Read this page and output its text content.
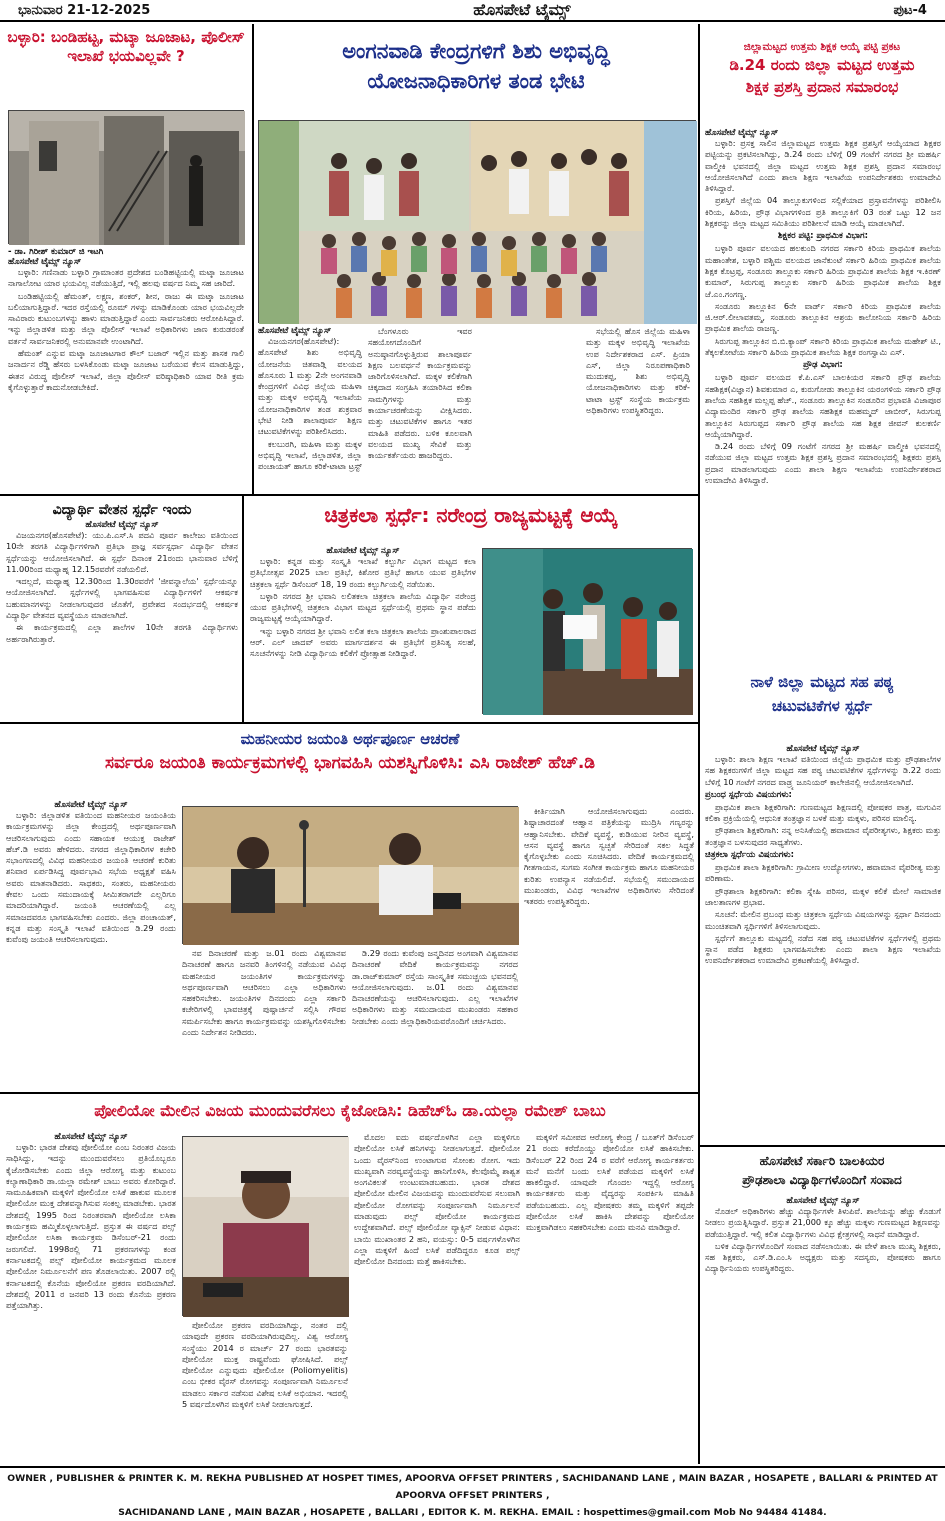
ಭಾನುವಾರ 21-12-2025	ಹೊಸಪೇಟೆ ಟೈಮ್ಸ್	ಪುಟ-4
ಬಳ್ಳಾರಿ: ಬಂಡಿಹಟ್ಟ, ಮಟ್ಕಾ ಜೂಜಾಟ, ಪೊಲೀಸ್ ಇಲಾಖೆ ಭಯವಿಲ್ಲವೇ ?
- ಡಾ. ಗಿರೀಶ್ ಕುಮಾರ್ ಜಿ ಇಟಗಿ
ಹೊಸಪೇಟೆ ಟೈಮ್ಸ್ ನ್ಯೂಸ್

ಬಳ್ಳಾರಿ: ಗಣಿನಾಡು ಬಳ್ಳಾರಿ ಗ್ರಾಮಾಂತರ ಪ್ರದೇಶದ ಬಂಡಿಹಟ್ಟಿಯಲ್ಲಿ ಮಟ್ಕಾ ಜೂಜಾಟ ನಾಗಾಲೋಟ ಯಾರ ಭಯವಿಲ್ಲ ನಡೆಯುತ್ತಿದೆ, ಇಲ್ಲಿ ಹಲವು ವರ್ಷದ ನಿಮ್ಮ ಸಹ ಜಾರಿದೆ.

ಬಂಡಿಹಟ್ಟಿಯಲ್ಲಿ ಹೆಮಂತ್, ಲಕ್ಷ್ಮಣ, ಶಂಕರ್, ಶೀನ, ರಾಜು ಈ ಮಟ್ಕಾ ಜೂಜಾಟ ಬಲಿಯಾಗುತ್ತಿದ್ದಾರೆ. ಇದರ ರಸ್ತೆಯಲ್ಲಿ ರೂಮ್ ಗಳನ್ನು ಮಾಡಿಕೊಂಡು ಯಾರ ಭಯವಿಲ್ಲದೇ ಸಾವಿರಾರು ಕುಟುಂಬಗಳನ್ನು ಹಾಳು ಮಾಡುತ್ತಿದ್ದಾರೆ ಎಂದು ಸಾರ್ವಜನಿಕರು ಆರೋಪಿಸಿದ್ದಾರೆ. ಇನ್ನು ಜಿಲ್ಲಾಡಳಿತ ಮತ್ತು ಜಿಲ್ಲಾ ಪೊಲೀಸ್ ಇಲಾಖೆ ಅಧಿಕಾರಿಗಳು ಜಾಣ ಕುರುಡರಂತೆ ವರ್ತನೆ ಸಾರ್ವಜನಿಕರಲ್ಲಿ ಅನುಮಾನವೇ ಉಂಟಾಗಿದೆ.

ಹೆಮಂತ್ ಎನ್ನುವ ಮಟ್ಕಾ ಜೂಜಾಟಗಾರ ಕೌಲ್ ಬಜಾರ್ ಇಲ್ಲಿನ ಮತ್ತು ಶಾಸಕ ಗಾಲಿ ಜನಾರ್ದನ ರೆಡ್ಡಿ ಹೆಸರು ಬಳಸಿಕೊಂಡು ಮಟ್ಕಾ ಜೂಜಾಟ ಬರೆಯುವ ಕೆಲಸ ಮಾಡುತ್ತಿದ್ದು, ಈತನ ವಿರುದ್ಧ ಪೊಲೀಸ್ ಇಲಾಖೆ, ಜಿಲ್ಲಾ ಪೊಲೀಸ್ ವರಿಷ್ಠಾಧಿಕಾರಿ ಯಾವ ರೀತಿ ಕ್ರಮ ಕೈಗೊಳ್ಳುತ್ತಾರೆ ಕಾದುನೋಡಬೇಕಿದೆ.

ಅಂಗನವಾಡಿ ಕೇಂದ್ರಗಳಿಗೆ ಶಿಶು ಅಭಿವೃದ್ಧಿ
ಯೋಜನಾಧಿಕಾರಿಗಳ ತಂಡ ಭೇಟಿ
ಹೊಸಪೇಟೆ ಟೈಮ್ಸ್ ನ್ಯೂಸ್

ವಿಜಯನಗರ(ಹೊಸಪೇಟೆ): ಹೊಸಪೇಟೆ ಶಿಶು ಅಭಿವೃದ್ಧಿ ಯೋಜನೆಯ ಚಿತವಾಡ್ಗಿ ವಲಯದ ಹೊಸೂರು 1 ಮತ್ತು 2ನೇ ಅಂಗನವಾಡಿ ಕೇಂದ್ರಗಳಿಗೆ ವಿವಿಧ ಜಿಲ್ಲೆಯ ಮಹಿಳಾ ಮತ್ತು ಮಕ್ಕಳ ಅಭಿವೃದ್ಧಿ ಇಲಾಖೆಯ ಯೋಜನಾಧಿಕಾರಿಗಳ ತಂಡ ಶುಕ್ರವಾರ ಭೇಟಿ ನೀಡಿ ಶಾಲಾಪೂರ್ವ ಶಿಕ್ಷಣ ಚಟುವಟಿಕೆಗಳನ್ನು ಪರಿಶೀಲಿಸಿದರು.

ಕಲಬುರಗಿ, ಮಹಿಳಾ ಮತ್ತು ಮಕ್ಕಳ ಅಭಿವೃದ್ಧಿ ಇಲಾಖೆ, ಜಿಲ್ಲಾಡಳಿತ, ಜಿಲ್ಲಾ ಪಂಚಾಯತ್ ಹಾಗೂ ಕರಿಕೆ-ಟಾಟಾ ಟ್ರಸ್ಟ್

ಬೆಂಗಳೂರು ಇವರ ಸಹಯೋಗದೊಂದಿಗೆ ಅನುಷ್ಠಾನಗೊಳ್ಳುತ್ತಿರುವ ಶಾಲಾಪೂರ್ವ ಶಿಕ್ಷಣ ಬಲವರ್ಧನೆ ಕಾರ್ಯಕ್ರಮವನ್ನು ಜಾರಿಗೊಳಿಸಲಾಗಿದೆ. ಮಕ್ಕಳ ಕಲಿಕೆಗಾಗಿ ಚಿಕ್ಕದಾದ ಸಂಗ್ರಹಿಸಿ ತಯಾರಿಸಿದ ಕಲಿಕಾ ಸಾಮಗ್ರಿಗಳನ್ನು ಮತ್ತು ಕಾರ್ಯಾಚರಣೆಯನ್ನು ವೀಕ್ಷಿಸಿದರು. ಮತ್ತು ಚಟುವಟಿಕೆಗಳ ಹಾಗೂ ಇತರ ಮಾಹಿತಿ ಪಡೆದರು. ಬಳಿಕ ಕೂಲವಾಗಿ ವಲಯದ ಮುಖ್ಯ ಸೇವಿಕೆ ಮತ್ತು ಕಾರ್ಯಕರ್ತೆಯರು ಹಾಜರಿದ್ದರು.

ಸಭೆಯಲ್ಲಿ ಹೊಸ ಜಿಲ್ಲೆಯ ಮಹಿಳಾ ಮತ್ತು ಮಕ್ಕಳ ಅಭಿವೃದ್ಧಿ ಇಲಾಖೆಯ ಉಪ ನಿರ್ದೇಶಕರಾದ ಎಸ್. ಪ್ರಿಯಾ ಎಸ್, ಜಿಲ್ಲಾ ನಿರೂಪಣಾಧಿಕಾರಿ ಮುದುಕಪ್ಪ, ಶಿಶು ಅಭಿವೃದ್ಧಿ ಯೋಜನಾಧಿಕಾರಿಗಳು ಮತ್ತು ಕರಿಕೆ-ಟಾಟಾ ಟ್ರಸ್ಟ್ ಸಂಸ್ಥೆಯ ಕಾರ್ಯಕ್ರಮ ಅಧಿಕಾರಿಗಳು ಉಪಸ್ಥಿತರಿದ್ದರು.

ಜಿಲ್ಲಾಮಟ್ಟದ ಉತ್ತಮ ಶಿಕ್ಷಕ ಆಯ್ಕೆ ಪಟ್ಟಿ ಪ್ರಕಟ
ಡಿ.24 ರಂದು ಜಿಲ್ಲಾ ಮಟ್ಟದ ಉತ್ತಮ
ಶಿಕ್ಷಕ ಪ್ರಶಸ್ತಿ ಪ್ರದಾನ ಸಮಾರಂಭ
ಹೊಸಪೇಟೆ ಟೈಮ್ಸ್ ನ್ಯೂಸ್

ಬಳ್ಳಾರಿ: ಪ್ರಸಕ್ತ ಸಾಲಿನ ಜಿಲ್ಲಾಮಟ್ಟದ ಉತ್ತಮ ಶಿಕ್ಷಕ ಪ್ರಶಸ್ತಿಗೆ ಆಯ್ಕೆಯಾದ ಶಿಕ್ಷಕರ ಪಟ್ಟಿಯನ್ನು ಪ್ರಕಟಿಸಲಾಗಿದ್ದು, ಡಿ.24 ರಂದು ಬೆಳಿಗ್ಗೆ 09 ಗಂಟೆಗೆ ನಗರದ ಶ್ರೀ ಮಹರ್ಷಿ ವಾಲ್ಮೀಕಿ ಭವನದಲ್ಲಿ ಜಿಲ್ಲಾ ಮಟ್ಟದ ಉತ್ತಮ ಶಿಕ್ಷಕ ಪ್ರಶಸ್ತಿ ಪ್ರದಾನ ಸಮಾರಂಭ ಆಯೋಜಿಸಲಾಗಿದೆ ಎಂದು ಶಾಲಾ ಶಿಕ್ಷಣ ಇಲಾಖೆಯ ಉಪನಿರ್ದೇಶಕರು ಉಮಾದೇವಿ ತಿಳಿಸಿದ್ದಾರೆ.

ಪ್ರಶಸ್ತಿಗೆ ಜಿಲ್ಲೆಯ 04 ತಾಲ್ಲೂಕುಗಳಿಂದ ಸಲ್ಲಿಕೆಯಾದ ಪ್ರಸ್ತಾವನೆಗಳನ್ನು ಪರಿಶೀಲಿಸಿ ಕಿರಿಯ, ಹಿರಿಯ, ಪ್ರೌಢ ವಿಭಾಗಗಳಿಂದ ಪ್ರತಿ ತಾಲ್ಲೂಕಿಗೆ 03 ರಂತೆ ಒಟ್ಟು 12 ಜನ ಶಿಕ್ಷಕರನ್ನು ಜಿಲ್ಲಾ ಮಟ್ಟದ ಸಮಿತಿಯು ಪರಿಶೀಲನೆ ಮಾಡಿ ಆಯ್ಕೆ ಮಾಡಲಾಗಿದೆ.

ಶಿಕ್ಷಕರ ಪಟ್ಟಿ: ಪ್ರಾಥಮಿಕ ವಿಭಾಗ:

ಬಳ್ಳಾರಿ ಪೂರ್ವ ವಲಯದ ಹಲಕುಂದಿ ನಗರದ ಸರ್ಕಾರಿ ಕಿರಿಯ ಪ್ರಾಥಮಿಕ ಶಾಲೆಯ ಮಹಾಂತೇಶ, ಬಳ್ಳಾರಿ ಪಶ್ಚಿಮ ವಲಯದ ಜಾನೆಕುಂಟೆ ಸರ್ಕಾರಿ ಹಿರಿಯ ಪ್ರಾಥಮಿಕ ಶಾಲೆಯ ಶಿಕ್ಷಕ ಕೊಟ್ರಪ್ಪ, ಸಂಡೂರು ತಾಲ್ಲೂಕು ಸರ್ಕಾರಿ ಹಿರಿಯ ಪ್ರಾಥಮಿಕ ಶಾಲೆಯ ಶಿಕ್ಷಕ ಇ.ಕಿರಣ್ ಕುಮಾರ್, ಸಿರುಗುಪ್ಪ ತಾಲ್ಲೂಕು ಸರ್ಕಾರಿ ಹಿರಿಯ ಪ್ರಾಥಮಿಕ ಶಾಲೆಯ ಶಿಕ್ಷಕ ಜೆ.ಎಂ.ಗಂಗಣ್ಣ.

ಸಂಡೂರು ತಾಲ್ಲೂಕಿನ 6ನೇ ವಾರ್ಡ್ ಸರ್ಕಾರಿ ಕಿರಿಯ ಪ್ರಾಥಮಿಕ ಶಾಲೆಯ ಜಿ.ಆರ್.ಲೀಲಾವತಮ್ಮ, ಸಂಡೂರು ತಾಲ್ಲೂಕಿನ ಆಶ್ರಯ ಕಾಲೋನಿಯ ಸರ್ಕಾರಿ ಹಿರಿಯ ಪ್ರಾಥಮಿಕ ಶಾಲೆಯ ರಾಜಣ್ಣ.

ಸಿರುಗುಪ್ಪ ತಾಲ್ಲೂಕಿನ ಬಿ.ಬಿ.ಕ್ಯಾಂಪ್ ಸರ್ಕಾರಿ ಕಿರಿಯ ಪ್ರಾಥಮಿಕ ಶಾಲೆಯ ಮಹೇಶ್ ಟಿ., ತೆಕ್ಕಲಕೋಟೆಯ ಸರ್ಕಾರಿ ಹಿರಿಯ ಪ್ರಾಥಮಿಕ ಶಾಲೆಯ ಶಿಕ್ಷಕ ರಂಗಸ್ವಾಮಿ ಎಸ್.

ಪ್ರೌಢ ವಿಭಾಗ:

ಬಳ್ಳಾರಿ ಪೂರ್ವ ವಲಯದ ಕೆ.ಪಿ.ಎಸ್ ಬಾಲಕಿಯರ ಸರ್ಕಾರಿ ಪ್ರೌಢ ಶಾಲೆಯ ಸಹಶಿಕ್ಷಕ(ವಿಜ್ಞಾನ) ಶಿವಕುಮಾರ ಎ, ಕುರುಗೋಡು ತಾಲ್ಲೂಕಿನ ಯರಂಗಳಿಯ ಸರ್ಕಾರಿ ಪ್ರೌಢ ಶಾಲೆಯ ಸಹಶಿಕ್ಷಕ ಮಲ್ಲಪ್ಪ ಹೆಚ್., ಸಂಡೂರು ತಾಲ್ಲೂಕಿನ ಸಂಡೂರಿನ ಪ್ರಭಾವತಿ ವಿಜಾಪೂರ ವಿದ್ಯಾಮಂದಿರ ಸರ್ಕಾರಿ ಪ್ರೌಢ ಶಾಲೆಯ ಸಹಶಿಕ್ಷಕ ಮಹಮ್ಮದ್ ಜಾಬೀರ್, ಸಿರುಗುಪ್ಪ ತಾಲ್ಲೂಕಿನ ಸಿರುಗುಪ್ಪದ ಸರ್ಕಾರಿ ಪ್ರೌಢ ಶಾಲೆಯ ಸಹ ಶಿಕ್ಷಕ ಜೀವನ್ ಕುಲಕರ್ಣಿ ಆಯ್ಕೆಯಾಗಿದ್ದಾರೆ.

ಡಿ.24 ರಂದು ಬೆಳಿಗ್ಗೆ 09 ಗಂಟೆಗೆ ನಗರದ ಶ್ರೀ ಮಹರ್ಷಿ ವಾಲ್ಮೀಕಿ ಭವನದಲ್ಲಿ ನಡೆಯುವ ಜಿಲ್ಲಾ ಮಟ್ಟದ ಉತ್ತಮ ಶಿಕ್ಷಕ ಪ್ರಶಸ್ತಿ ಪ್ರದಾನ ಸಮಾರಂಭದಲ್ಲಿ ಶಿಕ್ಷಕರು ಪ್ರಶಸ್ತಿ ಪ್ರದಾನ ಮಾಡಲಾಗುವುದು ಎಂದು ಶಾಲಾ ಶಿಕ್ಷಣ ಇಲಾಖೆಯ ಉಪನಿರ್ದೇಶಕರಾದ ಉಮಾದೇವಿ ತಿಳಿಸಿದ್ದಾರೆ.

ವಿದ್ಯಾರ್ಥಿ ವೇತನ ಸ್ಪರ್ಧೆ ಇಂದು
ಹೊಸಪೇಟೆ ಟೈಮ್ಸ್ ನ್ಯೂಸ್

ವಿಜಯನಗರ(ಹೊಸಪೇಟೆ): ಯು.ಪಿ.ಎಸ್.ಸಿ ಪದವಿ ಪೂರ್ವ ಕಾಲೇಜು ವತಿಯಿಂದ 10ನೇ ತರಗತಿ ವಿದ್ಯಾರ್ಥಿಗಳಿಗಾಗಿ ಪ್ರತಿಭಾ ಪ್ರಾಜ್ಞ ಸರ್ವಸ್ಪರ್ಧಾ ವಿದ್ಯಾರ್ಥಿ ವೇತನ ಸ್ಪರ್ಧೆಯನ್ನು ಆಯೋಜಿಸಲಾಗಿದೆ. ಈ ಸ್ಪರ್ಧೆ ದಿನಾಂಕ 21ರಂದು ಭಾನುವಾರ ಬೆಳಿಗ್ಗೆ 11.00ರಿಂದ ಮಧ್ಯಾಹ್ನ 12.15ರವರೆಗೆ ನಡೆಯಲಿದೆ.

ಇದಲ್ಲದೆ, ಮಧ್ಯಾಹ್ನ 12.30ರಿಂದ 1.30ರವರೆಗೆ 'ಜೀವನ್ನಾಲೆಯ' ಸ್ಪರ್ಧೆಯನ್ನೂ ಆಯೋಜಿಸಲಾಗಿದೆ. ಸ್ಪರ್ಧೆಗಳಲ್ಲಿ ಭಾಗವಹಿಸುವ ವಿದ್ಯಾರ್ಥಿಗಳಿಗೆ ಆಕರ್ಷಕ ಬಹುಮಾನಗಳನ್ನು ನೀಡಲಾಗುವುದರ ಜೊತೆಗೆ, ಪ್ರವೇಶದ ಸಂದರ್ಭದಲ್ಲಿ ಆಕರ್ಷಕ ವಿದ್ಯಾರ್ಥಿ ವೇತನದ ವ್ಯವಸ್ಥೆಯೂ ಮಾಡಲಾಗಿದೆ.

ಈ ಕಾರ್ಯಕ್ರಮದಲ್ಲಿ ಎಲ್ಲಾ ಶಾಲೆಗಳ 10ನೇ ತರಗತಿ ವಿದ್ಯಾರ್ಥಿಗಳು ಅರ್ಹರಾಗಿರುತ್ತಾರೆ.

ಚಿತ್ರಕಲಾ ಸ್ಪರ್ಧೆ: ನರೇಂದ್ರ ರಾಜ್ಯಮಟ್ಟಕ್ಕೆ ಆಯ್ಕೆ
ಹೊಸಪೇಟೆ ಟೈಮ್ಸ್ ನ್ಯೂಸ್

ಬಳ್ಳಾರಿ: ಕನ್ನಡ ಮತ್ತು ಸಂಸ್ಕೃತಿ ಇಲಾಖೆ ಕಲ್ಬುರ್ಗಿ ವಿಭಾಗ ಮಟ್ಟದ ಕಲಾ ಪ್ರತಿಭೋತ್ಸವ 2025 ಬಾಲ ಪ್ರತಿಭೆ, ಕಿಶೋರ ಪ್ರತಿಭೆ ಹಾಗೂ ಯುವ ಪ್ರತಿಭೆಗಳ ಚಿತ್ರಕಲಾ ಸ್ಪರ್ಧೆ ಡಿಸೆಂಬರ್ 18, 19 ರಂದು ಕಲ್ಬುರ್ಗಿಯಲ್ಲಿ ನಡೆಯಿತು.

ಬಳ್ಳಾರಿ ನಗರದ ಶ್ರೀ ಭವಾನಿ ಲಲಿತಕಲಾ ಚಿತ್ರಕಲಾ ಶಾಲೆಯ ವಿದ್ಯಾರ್ಥಿ ನರೇಂದ್ರ ಯುವ ಪ್ರತಿಭೆಗಳಲ್ಲಿ ಚಿತ್ರಕಲಾ ವಿಭಾಗ ಮಟ್ಟದ ಸ್ಪರ್ಧೆಯಲ್ಲಿ ಪ್ರಥಮ ಸ್ಥಾನ ಪಡೆದು ರಾಜ್ಯಮಟ್ಟಕ್ಕೆ ಆಯ್ಕೆಯಾಗಿದ್ದಾರೆ.

ಇನ್ನು ಬಳ್ಳಾರಿ ನಗರದ ಶ್ರೀ ಭವಾನಿ ಲಲಿತ ಕಲಾ ಚಿತ್ರಕಲಾ ಶಾಲೆಯ ಪ್ರಾಂಶುಪಾಲರಾದ ಆರ್. ಎಲ್ ಜಾದವ್ ಅವರು ಮಾರ್ಗದರ್ಶನ ಈ ಪ್ರತಿಭೆಗೆ ಪ್ರತಿನಿತ್ಯ ಸಲಹೆ, ಸೂಚನೆಗಳನ್ನು ನೀಡಿ ವಿದ್ಯಾರ್ಥಿಯ ಕಲಿಕೆಗೆ ಪ್ರೋತ್ಸಾಹ ನೀಡಿದ್ದಾರೆ.

ನಾಳೆ ಜಿಲ್ಲಾ ಮಟ್ಟದ ಸಹ ಪಠ್ಯ
ಚಟುವಟಿಕೆಗಳ ಸ್ಪರ್ಧೆ
ಹೊಸಪೇಟೆ ಟೈಮ್ಸ್ ನ್ಯೂಸ್

ಬಳ್ಳಾರಿ: ಶಾಲಾ ಶಿಕ್ಷಣ ಇಲಾಖೆ ವತಿಯಿಂದ ಜಿಲ್ಲೆಯ ಪ್ರಾಥಮಿಕ ಮತ್ತು ಪ್ರೌಢಶಾಲೆಗಳ ಸಹ ಶಿಕ್ಷಕರುಗಳಿಗೆ ಜಿಲ್ಲಾ ಮಟ್ಟದ ಸಹ ಪಠ್ಯ ಚಟುವಟಿಕೆಗಳ ಸ್ಪರ್ಧೆಗಳನ್ನು ಡಿ.22 ರಂದು ಬೆಳಿಗ್ಗೆ 10 ಗಂಟೆಗೆ ನಗರದ ವಾಡ್ರ್ಯ ಜೂನಿಯರ್ ಕಾಲೇಜಿನಲ್ಲಿ ಆಯೋಜಿಸಲಾಗಿದೆ.

ಪ್ರಬಂಧ ಸ್ಪರ್ಧೆಯ ವಿಷಯಗಳು:

ಪ್ರಾಥಮಿಕ ಶಾಲಾ ಶಿಕ್ಷಕರಿಗಾಗಿ: ಗುಣಮಟ್ಟದ ಶಿಕ್ಷಣದಲ್ಲಿ ಪೋಷಕರ ಪಾತ್ರ, ಮಗುವಿನ ಕಲಿಕಾ ಪ್ರಕ್ರಿಯೆಯಲ್ಲಿ ಆಧುನಿಕ ತಂತ್ರಜ್ಞಾನ ಬಳಕೆ ಮತ್ತು ಮಕ್ಕಳು, ಪರಿಸರ ಮಾಲಿನ್ಯ.

ಪ್ರೌಢಶಾಲಾ ಶಿಕ್ಷಕರಿಗಾಗಿ: ನನ್ನ ಅನಿಸಿಕೆಯಲ್ಲಿ ಹವಾಮಾನ ವೈಪರೀತ್ಯಗಳು, ಶಿಕ್ಷಕರು ಮತ್ತು ತಂತ್ರಜ್ಞಾನ ಬಳಸುವುದರ ಸಾಧ್ಯತೆಗಳು.

ಚಿತ್ರಕಲಾ ಸ್ಪರ್ಧೆಯ ವಿಷಯಗಳು:

ಪ್ರಾಥಮಿಕ ಶಾಲಾ ಶಿಕ್ಷಕರಿಗಾಗಿ: ಗ್ರಾಮೀಣ ಉದ್ಯೋಗಗಳು, ಹವಾಮಾನ ವೈಪರೀತ್ಯ ಮತ್ತು ಪರಿಣಾಮ.

ಪ್ರೌಢಶಾಲಾ ಶಿಕ್ಷಕರಿಗಾಗಿ: ಕಲಿಕಾ ಸ್ನೇಹಿ ಪರಿಸರ, ಮಕ್ಕಳ ಕಲಿಕೆ ಮೇಲೆ ಸಾಮಾಜಿಕ ಜಾಲತಾಣಗಳ ಪ್ರಭಾವ.

ಸೂಚನೆ: ಮೇಲಿನ ಪ್ರಬಂಧ ಮತ್ತು ಚಿತ್ರಕಲಾ ಸ್ಪರ್ಧೆಯ ವಿಷಯಗಳನ್ನು ಸ್ಪರ್ಧಾ ದಿನದಂದು ಮುಂಚಿತವಾಗಿ ಸ್ಪರ್ಧಿಗಳಿಗೆ ತಿಳಿಸಲಾಗುವುದು.

ಸ್ಪರ್ಧೆಗೆ ತಾಲ್ಲೂಕು ಮಟ್ಟದಲ್ಲಿ ನಡೆದ ಸಹ ಪಠ್ಯ ಚಟುವಟಿಕೆಗಳ ಸ್ಪರ್ಧೆಗಳಲ್ಲಿ ಪ್ರಥಮ ಸ್ಥಾನ ಪಡೆದ ಶಿಕ್ಷಕರು ಭಾಗವಹಿಸಬೇಕು ಎಂದು ಶಾಲಾ ಶಿಕ್ಷಣ ಇಲಾಖೆಯ ಉಪನಿರ್ದೇಶಕರಾದ ಉಮಾದೇವಿ ಪ್ರಕಟಣೆಯಲ್ಲಿ ತಿಳಿಸಿದ್ದಾರೆ.

ಮಹನೀಯರ ಜಯಂತಿ ಅರ್ಥಪೂರ್ಣ ಆಚರಣೆ
ಸರ್ವರೂ ಜಯಂತಿ ಕಾರ್ಯಕ್ರಮಗಳಲ್ಲಿ ಭಾಗವಹಿಸಿ ಯಶಸ್ವಿಗೊಳಿಸಿ: ಎಸಿ ರಾಜೇಶ್ ಹೆಚ್.ಡಿ
ಹೊಸಪೇಟೆ ಟೈಮ್ಸ್ ನ್ಯೂಸ್

ಬಳ್ಳಾರಿ: ಜಿಲ್ಲಾಡಳಿತ ವತಿಯಿಂದ ಮಹನೀಯರ ಜಯಂತಿಯ ಕಾರ್ಯಕ್ರಮಗಳನ್ನು ಜಿಲ್ಲಾ ಕೇಂದ್ರದಲ್ಲಿ ಅರ್ಥಪೂರ್ಣವಾಗಿ ಆಚರಿಸಲಾಗುವುದು ಎಂದು ಸಹಾಯಕ ಆಯುಕ್ತ ರಾಜೇಶ್ ಹೆಚ್.ಡಿ ಅವರು ಹೇಳಿದರು. ನಗರದ ಜಿಲ್ಲಾಧಿಕಾರಿಗಳ ಕಚೇರಿ ಸಭಾಂಗಣದಲ್ಲಿ ವಿವಿಧ ಮಹನೀಯರ ಜಯಂತಿ ಆಚರಣೆ ಕುರಿತು ಶನಿವಾರ ಏರ್ಪಡಿಸಿದ್ದ ಪೂರ್ವಭಾವಿ ಸಭೆಯ ಅಧ್ಯಕ್ಷತೆ ವಹಿಸಿ ಅವರು ಮಾತನಾಡಿದರು. ಸಾಧಕರು, ಸಂತರು, ಮಹನೀಯರು ಕೇವಲ ಒಂದು ಸಮುದಾಯಕ್ಕೆ ಸೀಮಿತರಾಗದೇ ಎಲ್ಲರಿಗೂ ಮಾದರಿಯಾಗಿದ್ದಾರೆ. ಜಯಂತಿ ಆಚರಣೆಯಲ್ಲಿ ಎಲ್ಲ ಸಮಾಜದವರೂ ಭಾಗವಹಿಸಬೇಕು ಎಂದರು. ಜಿಲ್ಲಾ ಪಂಚಾಯತ್, ಕನ್ನಡ ಮತ್ತು ಸಂಸ್ಕೃತಿ ಇಲಾಖೆ ವತಿಯಿಂದ ಡಿ.29 ರಂದು ಕುವೆಂಪು ಜಯಂತಿ ಆಚರಿಸಲಾಗುವುದು.

ನವ ದಿನಾಚರಣೆ ಮತ್ತು ಜ.01 ರಂದು ವಿಶ್ವಮಾನವ ದಿನಾಚರಣೆ ಹಾಗೂ ಜನವರಿ ತಿಂಗಳಿನಲ್ಲಿ ನಡೆಯುವ ವಿವಿಧ ಮಹನೀಯರ ಜಯಂತಿಗಳ ಕಾರ್ಯಕ್ರಮಗಳನ್ನು ಅರ್ಥಪೂರ್ಣವಾಗಿ ಆಚರಿಸಲು ಎಲ್ಲಾ ಅಧಿಕಾರಿಗಳು ಸಹಕರಿಸಬೇಕು. ಜಯಂತಿಗಳ ದಿನದಂದು ಎಲ್ಲಾ ಸರ್ಕಾರಿ ಕಚೇರಿಗಳಲ್ಲಿ ಭಾವಚಿತ್ರಕ್ಕೆ ಪುಷ್ಪಾರ್ಚನೆ ಸಲ್ಲಿಸಿ ಗೌರವ ಸಮರ್ಪಿಸಬೇಕು ಹಾಗೂ ಕಾರ್ಯಕ್ರಮವನ್ನು ಯಶಸ್ವಿಗೊಳಿಸಬೇಕು ಎಂದು ನಿರ್ದೇಶನ ನೀಡಿದರು.

ಡಿ.29 ರಂದು ಕುವೆಂಪು ಜನ್ಮದಿನದ ಅಂಗವಾಗಿ ವಿಶ್ವಮಾನವ ದಿನಾಚರಣೆ ವೇದಿಕೆ ಕಾರ್ಯಕ್ರಮವನ್ನು ನಗರದ ಡಾ.ರಾಜ್‌ಕುಮಾರ್ ರಸ್ತೆಯ ಸಾಂಸ್ಕೃತಿಕ ಸಮುಚ್ಚಯ ಭವನದಲ್ಲಿ ಆಯೋಜಿಸಲಾಗುವುದು. ಜ.01 ರಂದು ವಿಶ್ವಮಾನವ ದಿನಾಚರಣೆಯನ್ನು ಆಚರಿಸಲಾಗುವುದು. ಎಲ್ಲ ಇಲಾಖೆಗಳ ಅಧಿಕಾರಿಗಳು ಮತ್ತು ಸಮುದಾಯದ ಮುಖಂಡರು ಸಹಕಾರ ನೀಡಬೇಕು ಎಂದು ಜಿಲ್ಲಾಧಿಕಾರಿಯವರೊಂದಿಗೆ ಚರ್ಚಿಸಿದರು.

ಕೀರ್ತಿಯಾಗಿ ಆಯೋಜಿಸಲಾಗುವುದು ಎಂದರು. ಶಿಷ್ಟಾಚಾರದಂತೆ ಆಹ್ವಾನ ಪತ್ರಿಕೆಯನ್ನು ಮುದ್ರಿಸಿ ಗಣ್ಯರನ್ನು ಆಹ್ವಾನಿಸಬೇಕು. ವೇದಿಕೆ ವ್ಯವಸ್ಥೆ, ಕುಡಿಯುವ ನೀರಿನ ವ್ಯವಸ್ಥೆ, ಆಸನ ವ್ಯವಸ್ಥೆ ಹಾಗೂ ಸ್ವಚ್ಛತೆ ಸೇರಿದಂತೆ ಸಕಲ ಸಿದ್ಧತೆ ಕೈಗೊಳ್ಳಬೇಕು ಎಂದು ಸೂಚಿಸಿದರು. ವೇದಿಕೆ ಕಾರ್ಯಕ್ರಮದಲ್ಲಿ ಗೀತಗಾಯನ, ಸುಗಮ ಸಂಗೀತ ಕಾರ್ಯಕ್ರಮ ಹಾಗೂ ಮಹನೀಯರ ಕುರಿತು ಉಪನ್ಯಾಸ ನಡೆಯಲಿದೆ. ಸಭೆಯಲ್ಲಿ ಸಮುದಾಯದ ಮುಖಂಡರು, ವಿವಿಧ ಇಲಾಖೆಗಳ ಅಧಿಕಾರಿಗಳು ಸೇರಿದಂತೆ ಇತರರು ಉಪಸ್ಥಿತರಿದ್ದರು.

ಪೋಲಿಯೋ ಮೇಲಿನ ವಿಜಯ ಮುಂದುವರೆಸಲು ಕೈಜೋಡಿಸಿ: ಡಿಹೆಚ್‌ಓ ಡಾ.ಯಲ್ಲಾ ರಮೇಶ್ ಬಾಬು
ಹೊಸಪೇಟೆ ಟೈಮ್ಸ್ ನ್ಯೂಸ್

ಬಳ್ಳಾರಿ: ಭಾರತ ದೇಶವು ಪೋಲಿಯೋ ಎಂಬ ನಿರಂತರ ವಿಜಯ ಸಾಧಿಸಿದ್ದು, ಇದನ್ನು ಮುಂದುವರೆಸಲು ಪ್ರತಿಯೊಬ್ಬರೂ ಕೈಜೋಡಿಸಬೇಕು ಎಂದು ಜಿಲ್ಲಾ ಆರೋಗ್ಯ ಮತ್ತು ಕುಟುಂಬ ಕಲ್ಯಾಣಾಧಿಕಾರಿ ಡಾ.ಯಲ್ಲಾ ರಮೇಶ್ ಬಾಬು ಅವರು ಕೋರಿದ್ದಾರೆ. ಸಾಮೂಹಿಕವಾಗಿ ಮಕ್ಕಳಿಗೆ ಪೋಲಿಯೋ ಲಸಿಕೆ ಹಾಕುವ ಮೂಲಕ ಪೋಲಿಯೋ ಮುಕ್ತ ದೇಶವನ್ನಾಗಿಸುವ ಸಂಕಲ್ಪ ಮಾಡಬೇಕು. ಭಾರತ ದೇಶದಲ್ಲಿ 1995 ರಿಂದ ನಿರಂತರವಾಗಿ ಪೋಲಿಯೋ ಲಸಿಕಾ ಕಾರ್ಯಕ್ರಮ ಹಮ್ಮಿಕೊಳ್ಳಲಾಗುತ್ತಿದೆ. ಪ್ರಸ್ತುತ ಈ ವರ್ಷದ ಪಲ್ಸ್ ಪೋಲಿಯೋ ಲಸಿಕಾ ಕಾರ್ಯಕ್ರಮ ಡಿಸೆಂಬರ್-21 ರಂದು ಜರುಗಲಿದೆ. 1998ರಲ್ಲಿ 71 ಪ್ರಕರಣಗಳನ್ನು ಕಂಡ ಕರ್ನಾಟಕದಲ್ಲಿ ಪಲ್ಸ್ ಪೋಲಿಯೋ ಕಾರ್ಯಕ್ರಮದ ಮೂಲಕ ಪೋಲಿಯೋ ನಿರ್ಮೂಲನೆಗೆ ಪಣ ತೊಡಲಾಯಿತು. 2007 ರಲ್ಲಿ ಕರ್ನಾಟಕದಲ್ಲಿ ಕೊನೆಯ ಪೋಲಿಯೋ ಪ್ರಕರಣ ವರದಿಯಾಗಿದೆ. ದೇಶದಲ್ಲಿ 2011 ರ ಜನವರಿ 13 ರಂದು ಕೊನೆಯ ಪ್ರಕರಣ ಪತ್ತೆಯಾಗಿತ್ತು.

ಪೋಲಿಯೋ ಪ್ರಕರಣ ವರದಿಯಾಗಿದ್ದು, ನಂತರ ದಲ್ಲಿ ಯಾವುದೇ ಪ್ರಕರಣ ವರದಿಯಾಗಿರುವುದಿಲ್ಲ. ವಿಶ್ವ ಆರೋಗ್ಯ ಸಂಸ್ಥೆಯು 2014 ರ ಮಾರ್ಚ್ 27 ರಂದು ಭಾರತವನ್ನು ಪೋಲಿಯೋ ಮುಕ್ತ ರಾಷ್ಟ್ರವೆಂದು ಘೋಷಿಸಿದೆ. ಪಲ್ಸ್ ಪೋಲಿಯೋ ಎನ್ನುವುದು ಪೋಲಿಯೋ (Poliomyelitis) ಎಂಬ ಭೀಕರ ವೈರಸ್ ರೋಗವನ್ನು ಸಂಪೂರ್ಣವಾಗಿ ನಿರ್ಮೂಲನೆ ಮಾಡಲು ಸರ್ಕಾರ ನಡೆಸುವ ವಿಶೇಷ ಲಸಿಕೆ ಅಭಿಯಾನ. ಇದರಲ್ಲಿ 5 ವರ್ಷದೊಳಗಿನ ಮಕ್ಕಳಿಗೆ ಲಸಿಕೆ ನೀಡಲಾಗುತ್ತದೆ.

ಮೊದಲ ಐದು ವರ್ಷದೊಳಗಿನ ಎಲ್ಲಾ ಮಕ್ಕಳಿಗೂ ಪೋಲಿಯೋ ಲಸಿಕೆ ಹನಿಗಳನ್ನು ನೀಡಲಾಗುತ್ತದೆ. ಪೋಲಿಯೋ ಒಂದು ವೈರಸ್‌ನಿಂದ ಉಂಟಾಗುವ ಸೋಂಕು ರೋಗ. ಇದು ಮುಖ್ಯವಾಗಿ ನರವ್ಯವಸ್ಥೆಯನ್ನು ಹಾನಿಗೊಳಿಸಿ, ಕೆಲವೊಮ್ಮೆ ಶಾಶ್ವತ ಅಂಗವಿಕಲತೆ ಉಂಟುಮಾಡಬಹುದು. ಭಾರತ ದೇಶದ ಪೋಲಿಯೋ ಮೇಲಿನ ವಿಜಯವನ್ನು ಮುಂದುವರೆಸುವ ಸಲುವಾಗಿ ಪೋಲಿಯೋ ರೋಗವನ್ನು ಸಂಪೂರ್ಣವಾಗಿ ನಿರ್ಮೂಲನೆ ಮಾಡುವುದು ಪಲ್ಸ್ ಪೋಲಿಯೋ ಕಾರ್ಯಕ್ರಮದ ಉದ್ದೇಶವಾಗಿದೆ. ಪಲ್ಸ್ ಪೋಲಿಯೋ ವ್ಯಾಕ್ಸಿನ್ ನೀಡುವ ವಿಧಾನ: ಬಾಯಿ ಮುಖಾಂತರ 2 ಹನಿ, ವಯಸ್ಸು: 0-5 ವರ್ಷಗಳೊಳಗಿನ ಎಲ್ಲಾ ಮಕ್ಕಳಿಗೆ ಹಿಂದೆ ಲಸಿಕೆ ಪಡೆದಿದ್ದರೂ ಕೂಡ ಪಲ್ಸ್ ಪೋಲಿಯೋ ದಿನದಂದು ಮತ್ತೆ ಹಾಕಿಸಬೇಕು.

ಮಕ್ಕಳಿಗೆ ಸಮೀಪದ ಆರೋಗ್ಯ ಕೇಂದ್ರ / ಬೂತ್‌ಗೆ ಡಿಸೆಂಬರ್ 21 ರಂದು ಕರೆದೊಯ್ದು ಪೋಲಿಯೋ ಲಸಿಕೆ ಹಾಕಿಸಬೇಕು. ಡಿಸೆಂಬರ್ 22 ರಿಂದ 24 ರ ವರೆಗೆ ಆರೋಗ್ಯ ಕಾರ್ಯಕರ್ತರು ಮನೆ ಮನೆಗೆ ಬಂದು ಲಸಿಕೆ ಪಡೆಯದ ಮಕ್ಕಳಿಗೆ ಲಸಿಕೆ ಹಾಕಲಿದ್ದಾರೆ. ಯಾವುದೇ ಗೊಂದಲ ಇದ್ದಲ್ಲಿ ಆರೋಗ್ಯ ಕಾರ್ಯಕರ್ತರು ಮತ್ತು ವೈದ್ಯರನ್ನು ಸಂಪರ್ಕಿಸಿ ಮಾಹಿತಿ ಪಡೆಯಬಹುದು. ಎಲ್ಲ ಪೋಷಕರು ತಮ್ಮ ಮಕ್ಕಳಿಗೆ ತಪ್ಪದೇ ಪೋಲಿಯೋ ಲಸಿಕೆ ಹಾಕಿಸಿ ದೇಶವನ್ನು ಪೋಲಿಯೋ ಮುಕ್ತವಾಗಿಡಲು ಸಹಕರಿಸಬೇಕು ಎಂದು ಮನವಿ ಮಾಡಿದ್ದಾರೆ.

ಹೊಸಪೇಟೆ ಸರ್ಕಾರಿ ಬಾಲಕಿಯರ
ಪ್ರೌಢಶಾಲಾ ವಿದ್ಯಾರ್ಥಿಗಳೊಂದಿಗೆ ಸಂವಾದ
ಹೊಸಪೇಟೆ ಟೈಮ್ಸ್ ನ್ಯೂಸ್

ನೊಡಲ್ ಅಧಿಕಾರಿಗಳು ಹೆಚ್ಚು ವಿದ್ಯಾರ್ಥಿಗಳೇ ತಿಳುಪಿವೆ. ಶಾಲೆಯನ್ನು ಹೆಚ್ಚು ಕೊಡುಗೆ ನೀಡಲು ಪ್ರಯತ್ನಿಸಿದ್ದಾರೆ. ಪ್ರಸ್ತುತ 21,000 ಕ್ಕೂ ಹೆಚ್ಚು ಮಕ್ಕಳು ಗುಣಮಟ್ಟದ ಶಿಕ್ಷಣವನ್ನು ಪಡೆಯುತ್ತಿದ್ದಾರೆ. ಇಲ್ಲಿ ಕಲಿತ ವಿದ್ಯಾರ್ಥಿಗಳು ವಿವಿಧ ಕ್ಷೇತ್ರಗಳಲ್ಲಿ ಸಾಧನೆ ಮಾಡಿದ್ದಾರೆ.

ಬಳಿಕ ವಿದ್ಯಾರ್ಥಿಗಳೊಂದಿಗೆ ಸಂವಾದ ನಡೆಸಲಾಯಿತು. ಈ ವೇಳೆ ಶಾಲಾ ಮುಖ್ಯ ಶಿಕ್ಷಕರು, ಸಹ ಶಿಕ್ಷಕರು, ಎಸ್.ಡಿ.ಎಂ.ಸಿ ಅಧ್ಯಕ್ಷರು ಮತ್ತು ಸದಸ್ಯರು, ಪೋಷಕರು ಹಾಗೂ ವಿದ್ಯಾರ್ಥಿನಿಯರು ಉಪಸ್ಥಿತರಿದ್ದರು.

OWNER , PUBLISHER & PRINTER K. M. REKHA PUBLISHED AT HOSPET TIMES, APOORVA OFFSET PRINTERS , SACHIDANAND LANE , MAIN BAZAR , HOSAPETE , BALLARI & PRINTED AT APOORVA OFFSET PRINTERS ,
SACHIDANAND LANE , MAIN BAZAR , HOSAPETE , BALLARI , EDITOR K. M. REKHA. EMAIL : hospettimes@gmail.com Mob No 94484 41484.
